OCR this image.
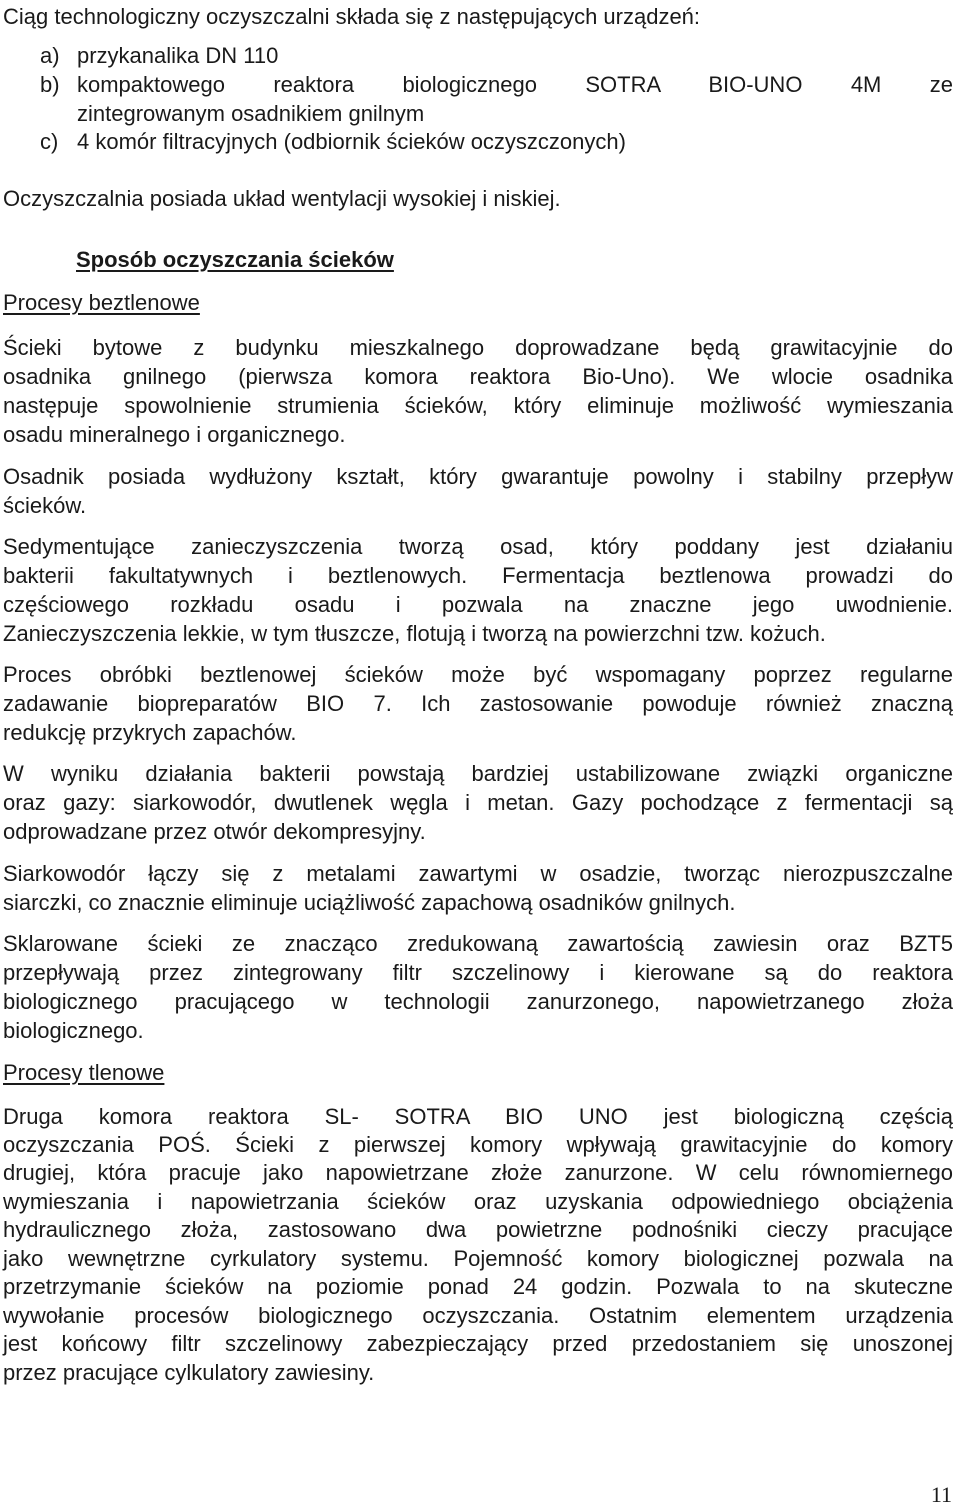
Ciąg technologiczny oczyszczalni składa się z następujących urządzeń:

a) przykanalika DN 110
b) kompaktowego reaktora biologicznego SOTRA BIO-UNO 4M ze
zintegrowanym osadnikiem gnilnym
c) 4 komór filtracyjnych (odbiornik ścieków oczyszczonych)

Oczyszczalnia posiada układ wentylacji wysokiej i niskiej.

Sposób oczyszczania ścieków

Procesy beztlenowe

Ścieki bytowe z budynku mieszkalnego doprowadzane będą grawitacyjnie do

osadnika gnilnego (pierwsza komora reaktora Bio-Uno). We wlocie osadnika

następuje spowolnienie strumienia ścieków, który eliminuje możliwość wymieszania

osadu mineralnego i organicznego.

Osadnik posiada wydłużony kształt, który gwarantuje powolny i stabilny przepływ

ścieków.

Sedymentujące zanieczyszczenia tworzą osad, który poddany jest działaniu

bakterii fakultatywnych i beztlenowych. Fermentacja beztlenowa prowadzi do

częściowego rozkładu osadu i pozwala na znaczne jego uwodnienie.

Zanieczyszczenia lekkie, w tym tłuszcze, flotują i tworzą na powierzchni tzw. kożuch.

Proces obróbki beztlenowej ścieków może być wspomagany poprzez regularne

zadawanie biopreparatów BIO 7. Ich zastosowanie powoduje również znaczną

redukcję przykrych zapachów.

W wyniku działania bakterii powstają bardziej ustabilizowane związki organiczne

oraz gazy: siarkowodór, dwutlenek węgla i metan. Gazy pochodzące z fermentacji są

odprowadzane przez otwór dekompresyjny.

Siarkowodór łączy się z metalami zawartymi w osadzie, tworząc nierozpuszczalne

siarczki, co znacznie eliminuje uciążliwość zapachową osadników gnilnych.

Sklarowane ścieki ze znacząco zredukowaną zawartością zawiesin oraz BZT5

przepływają przez zintegrowany filtr szczelinowy i kierowane są do reaktora

biologicznego pracującego w technologii zanurzonego, napowietrzanego złoża

biologicznego.

Procesy tlenowe

Druga komora reaktora SL- SOTRA BIO UNO jest biologiczną częścią

oczyszczania POŚ. Ścieki z pierwszej komory wpływają grawitacyjnie do komory

drugiej, która pracuje jako napowietrzane złoże zanurzone. W celu równomiernego

wymieszania i napowietrzania ścieków oraz uzyskania odpowiedniego obciążenia

hydraulicznego złoża, zastosowano dwa powietrzne podnośniki cieczy pracujące

jako wewnętrzne cyrkulatory systemu. Pojemność komory biologicznej pozwala na

przetrzymanie ścieków na poziomie ponad 24 godzin. Pozwala to na skuteczne

wywołanie procesów biologicznego oczyszczania. Ostatnim elementem urządzenia

jest końcowy filtr szczelinowy zabezpieczający przed przedostaniem się unoszonej

przez pracujące cylkulatory zawiesiny.

11
